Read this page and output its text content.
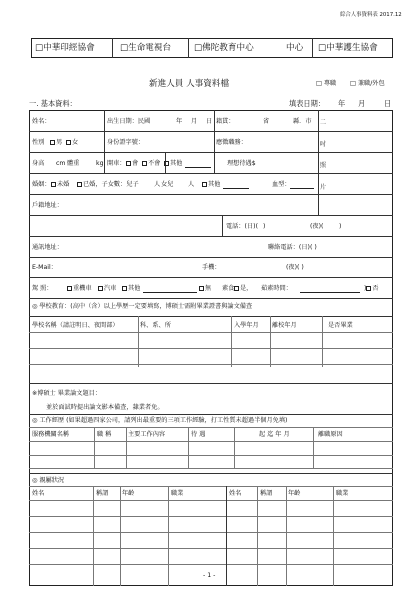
綜合人事資料表 2017.12
□中華印經協會	□生命電視台	□佛陀教育中心	中心 □中華護生協會
新進人員 人事資料檔	□ 專職 □ 兼職/外包
一. 基本資料：	填表日期： 年 月	日
姓名：	出生日期：民國	年 月 日 籍貫：	省	縣．市
性別	男	女	身份證字號：	應徵職務：
身高 cm 體重	kg 開車：	會	不會	其他	理想待遇$
婚姻：	未婚	已婚，子女數：兒子 人 女兒 人	其他	血型：
二
吋
照
片
戶籍地址：
電話：(日)( )	(夜)(	)
通訊地址：	聯絡電話：(日)( )
E-Mail：	手機：	(夜)( )
駕 照：	重機車	汽車	其他	無 素食 是， 茹素時間：	) 否
◎ 學校教育：(高中（含）以上學歷一定要填寫，博碩士需附畢業證書與論文備查
學校名稱（請註明日、夜間部）	科、系、所	入學年月 離校年月	是否畢業
※博碩士 畢業論文題目：
並於面試時提出論文影本備查，隸業者免。
◎ 工作經歷 (如果超過四家公司，請列出最重要的三項工作經驗，打工性質未超過半個月免填)
服務機關名稱	職 稱	主要工作內容	待 遇	起 迄 年 月	離職原因
◎ 親屬狀況
姓名	稱謂 年齡	職業	姓名	稱謂	年齡	職業
- 1 -
